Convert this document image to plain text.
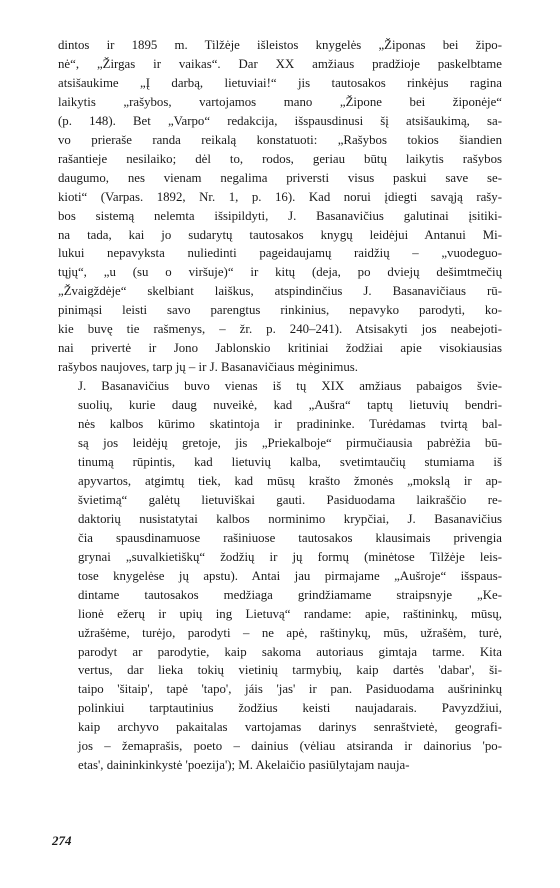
dintos ir 1895 m. Tilžėje išleistos knygelės „Žiponas bei žipo-
nė“, „Žirgas ir vaikas“. Dar XX amžiaus pradžioje paskelbtame
atsišaukime „Į darbą, lietuviai!“ jis tautosakos rinkėjus ragina
laikytis „rašybos, vartojamos mano „Žipone bei žiponėje“
(p. 148). Bet „Varpo“ redakcija, išspausdinusi šį atsišaukimą, sa-
vo prieraše randa reikalą konstatuoti: „Rašybos tokios šiandien
rašantieje nesilaiko; dėl to, rodos, geriau būtų laikytis rašybos
daugumo, nes vienam negalima priversti visus paskui save se-
kioti“ (Varpas. 1892, Nr. 1, p. 16). Kad norui įdiegti savąją rašy-
bos sistemą nelemta išsipildyti, J. Basanavičius galutinai įsitiki-
na tada, kai jo sudarytų tautosakos knygų leidėjui Antanui Mi-
lukui nepavyksta nuliedinti pageidaujamų raidžių – „vuodeguo-
tųjų“, „u (su o viršuje)“ ir kitų (deja, po dviejų dešimtmečių
„Žvaigždėje“ skelbiant laiškus, atspindinčius J. Basanavičiaus rū-
pinimąsi leisti savo parengtus rinkinius, nepavyko parodyti, ko-
kie buvę tie rašmenys, – žr. p. 240–241). Atsisakyti jos neabejoti-
nai privertė ir Jono Jablonskio kritiniai žodžiai apie visokiausias
rašybos naujoves, tarp jų – ir J. Basanavičiaus mėginimus.
J. Basanavičius buvo vienas iš tų XIX amžiaus pabaigos švie-
suolių, kurie daug nuveikė, kad „Aušra“ taptų lietuvių bendri-
nės kalbos kūrimo skatintoja ir pradininke. Turėdamas tvirtą bal-
są jos leidėjų gretoje, jis „Priekalboje“ pirmučiausia pabrėžia bū-
tinumą rūpintis, kad lietuvių kalba, svetimtaučių stumiama iš
apyvartos, atgimtų tiek, kad mūsų krašto žmonės „mokslą ir ap-
švietimą“ galėtų lietuviškai gauti. Pasiduodama laikraščio re-
daktorių nusistatytai kalbos norminimo krypčiai, J. Basanavičius
čia spausdinamuose rašiniuose tautosakos klausimais privengia
grynai „suvalkietiškų“ žodžių ir jų formų (minėtose Tilžėje leis-
tose knygelėse jų apstu). Antai jau pirmajame „Aušroje“ išspaus-
dintame tautosakos medžiaga grindžiamame straipsnyje „Ke-
lionė ežerų ir upių ing Lietuvą“ randame: apie, raštininkų, mūsų,
užrašėme, turėjo, parodyti – ne apė, raštinykų, mūs, užrašėm, turė,
parodyt ar parodytie, kaip sakoma autoriaus gimtaja tarme. Kita
vertus, dar lieka tokių vietinių tarmybių, kaip dartės 'dabar', ši-
taipo 'šitaip', tapė 'tapo', jáis 'jas' ir pan. Pasiduodama aušrininkų
polinkiui tarptautinius žodžius keisti naujadarais. Pavyzdžiui,
kaip archyvo pakaitalas vartojamas darinys senraštvietė, geografi-
jos – žemaprašis, poeto – dainius (vėliau atsiranda ir dainorius 'po-
etas', daininkinkystė 'poezija'); M. Akelaičio pasiūlytajam nauja-
274
